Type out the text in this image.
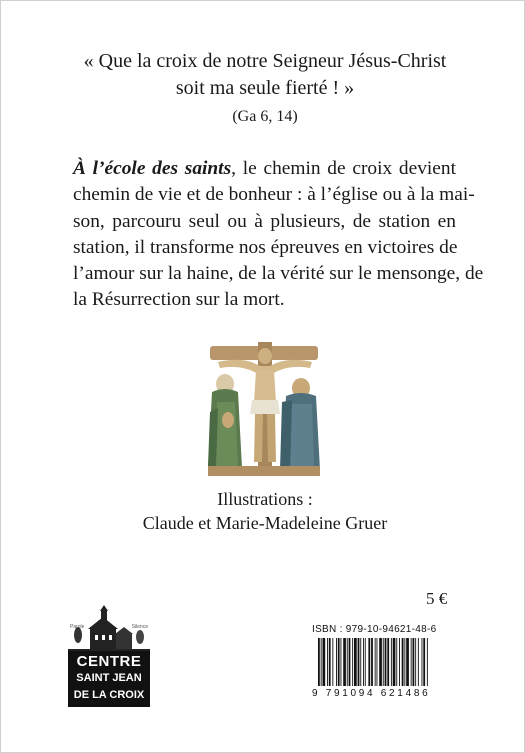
« Que la croix de notre Seigneur Jésus-Christ
soit ma seule fierté ! »
(Ga 6, 14)
À l’école des saints, le chemin de croix devient
chemin de vie et de bonheur : à l’église ou à la mai-
son, parcouru seul ou à plusieurs, de station en
station, il transforme nos épreuves en victoires de
l’amour sur la haine, de la vérité sur le mensonge, de
la Résurrection sur la mort.
Illustrations :
Claude et Marie-Madeleine Gruer
5 €
Parole	Silence
CENTRE
SAINT JEAN
DE LA CROIX
ISBN : 979-10-94621-48-6
9 791094 621486
